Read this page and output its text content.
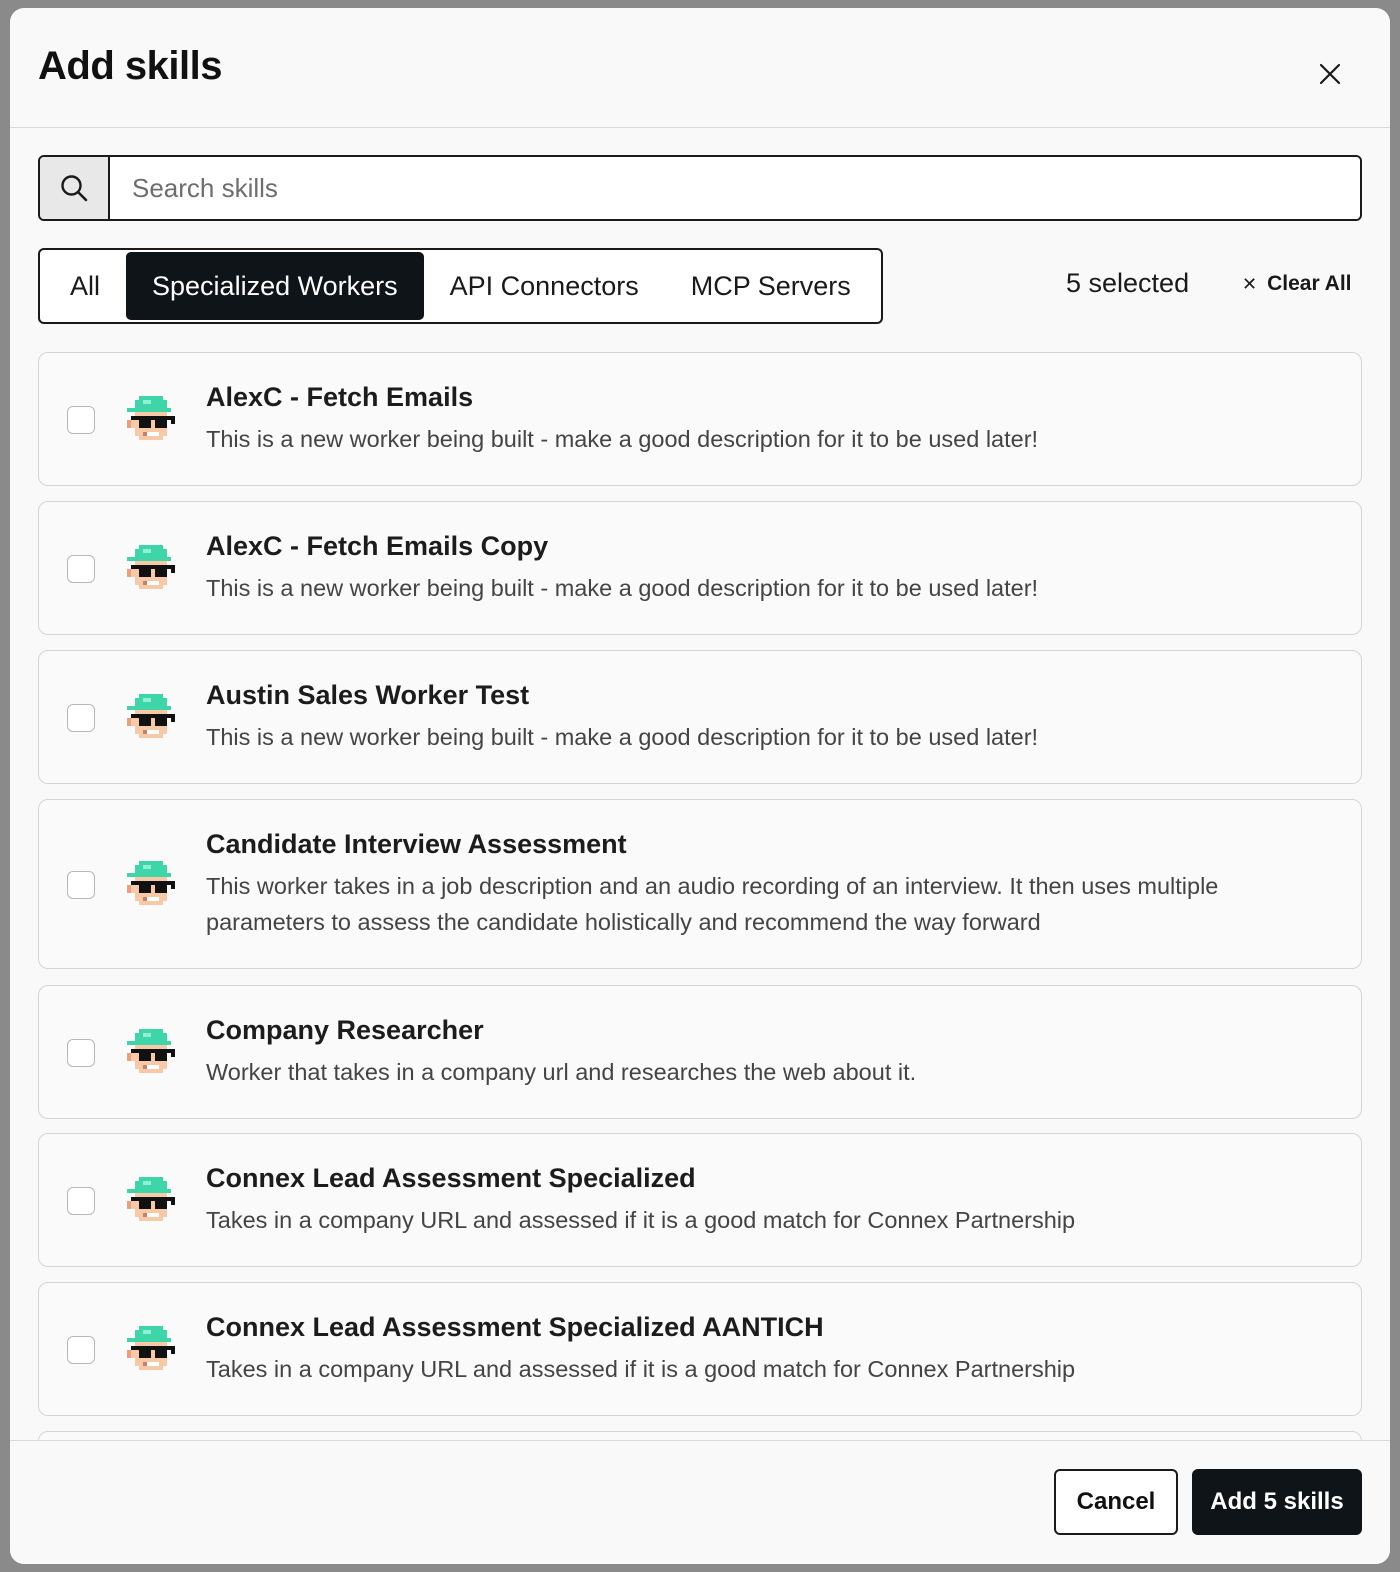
Add skills
Search skills
All	Specialized Workers	API Connectors	MCP Servers	5 selected	✕ Clear All
AlexC - Fetch Emails
This is a new worker being built - make a good description for it to be used later!
AlexC - Fetch Emails Copy
This is a new worker being built - make a good description for it to be used later!
Austin Sales Worker Test
This is a new worker being built - make a good description for it to be used later!
Candidate Interview Assessment
This worker takes in a job description and an audio recording of an interview. It then uses multiple parameters to assess the candidate holistically and recommend the way forward
Company Researcher
Worker that takes in a company url and researches the web about it.
Connex Lead Assessment Specialized
Takes in a company URL and assessed if it is a good match for Connex Partnership
Connex Lead Assessment Specialized AANTICH
Takes in a company URL and assessed if it is a good match for Connex Partnership
Cancel	Add 5 skills
